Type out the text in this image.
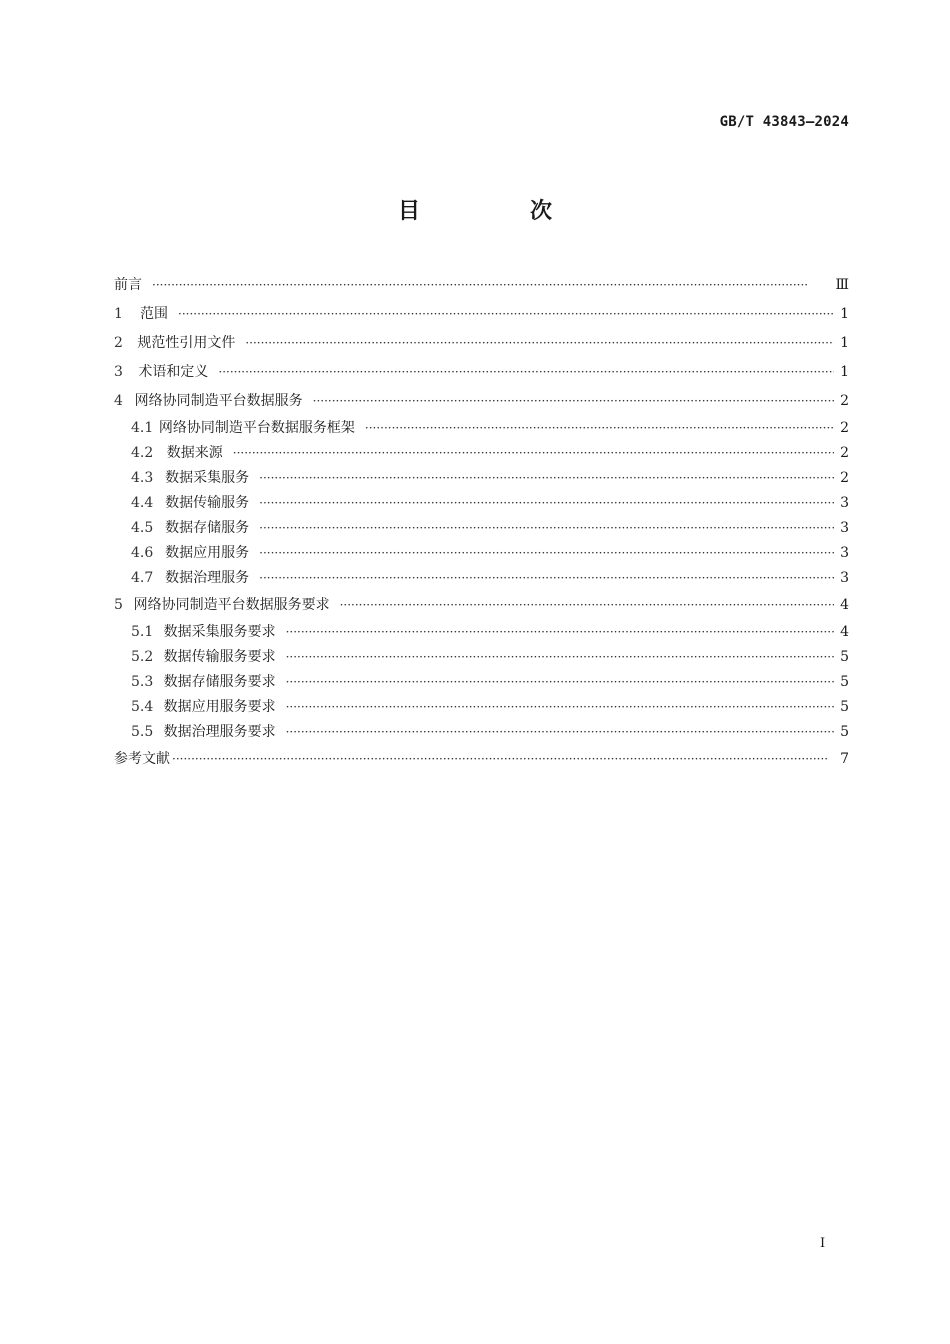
GB/T 43843—2024
目　次
前言 ·····	Ⅲ
1	范围 ·····	1
2	规范性引用文件 ·····	1
3	术语和定义 ·····	1
4 网络协同制造平台数据服务 ·····	2
4.1 网络协同制造平台数据服务框架 ·····	2
4.2 数据来源 ·····	2
4.3 数据采集服务 ·····	2
4.4 数据传输服务 ·····	3
4.5 数据存储服务 ·····	3
4.6 数据应用服务 ·····	3
4.7 数据治理服务 ·····	3
5 网络协同制造平台数据服务要求 ·····	4
5.1 数据采集服务要求 ·····	4
5.2 数据传输服务要求 ·····	5
5.3 数据存储服务要求 ·····	5
5.4 数据应用服务要求 ·····	5
5.5 数据治理服务要求 ·····	5
参考文献 ·····	7
Ⅰ
